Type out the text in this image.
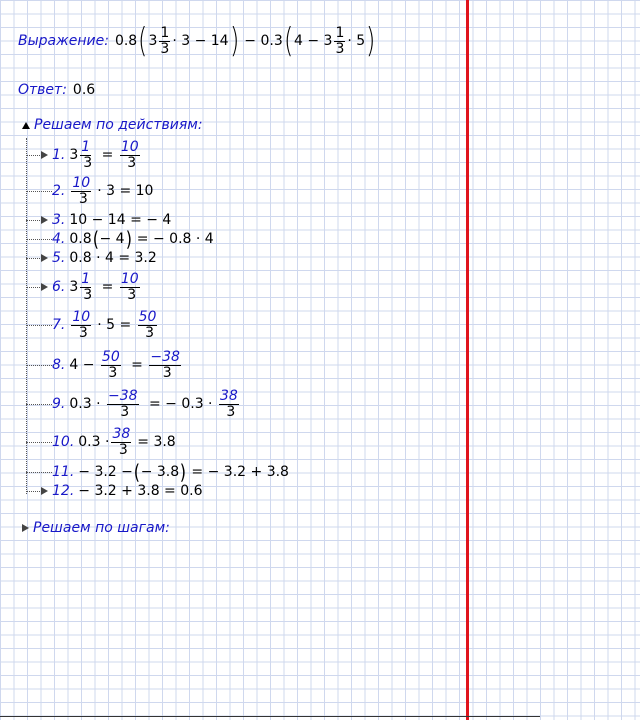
Выражение: 0.8 ( $3 \frac{1}{3} \cdot 3 - 14$ ) − 0.3 ( $4 - 3 \frac{1}{3} \cdot 5$ )
Ответ: 0.6
Решаем по действиям:
1. $3 \frac{1}{3} = \frac{10}{3}$
2. $\frac{10}{3} \cdot 3 = 10$
3. 10 − 14 = − 4
4. 0.8 ( − 4 ) = − 0.8 · 4
5. 0.8 · 4 = 3.2
6. $3 \frac{1}{3} = \frac{10}{3}$
7. $\frac{10}{3} \cdot 5 = \frac{50}{3}$
8. $4 - \frac{50}{3} = \frac{-38}{3}$
9. $0.3 \cdot \frac{-38}{3}$ = − $0.3 \cdot \frac{38}{3}$
10. $0.3 \cdot \frac{38}{3} = 3.8$
11. − 3.2 − ( − 3.8 ) = − 3.2 + 3.8
12. − 3.2 + 3.8 = 0.6
Решаем по шагам:
